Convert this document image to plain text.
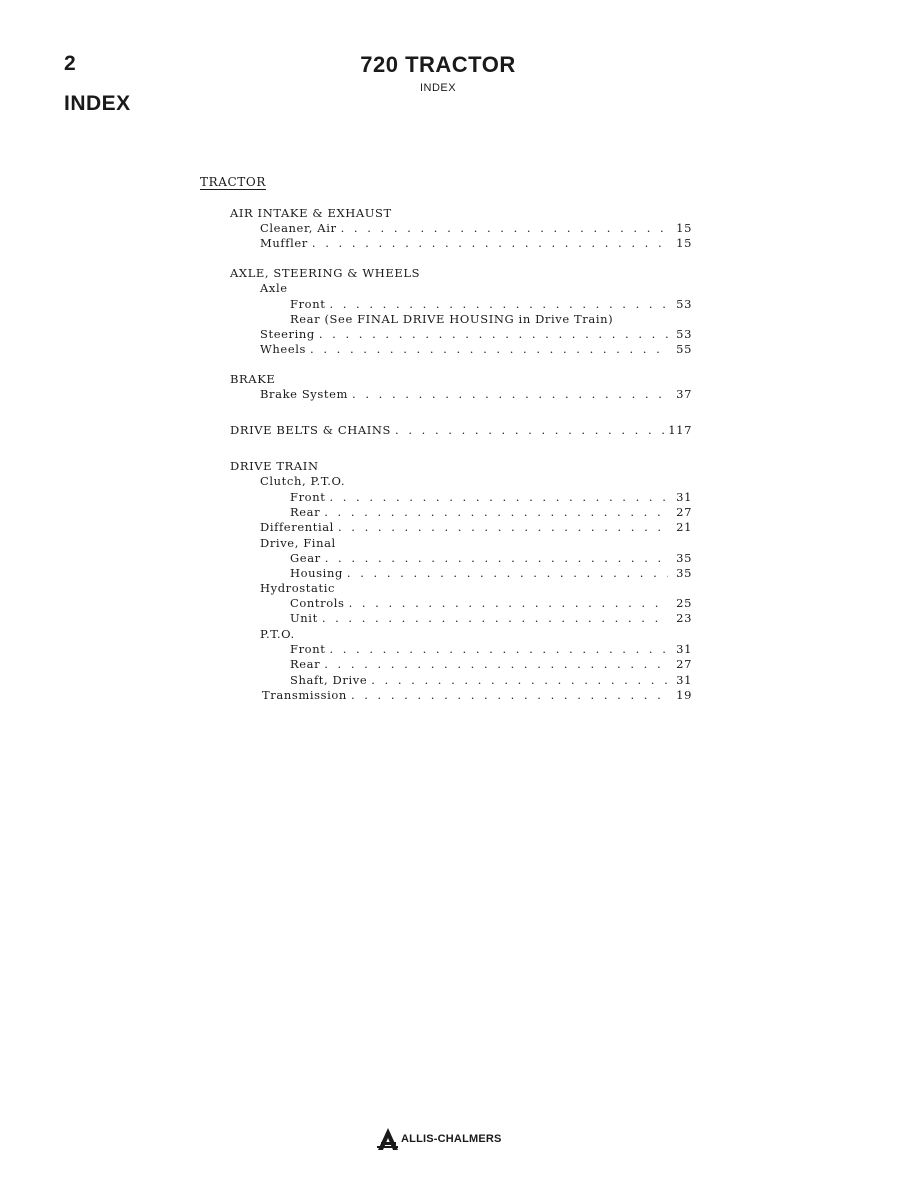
2
INDEX
720 TRACTOR
INDEX
TRACTOR
AIR INTAKE & EXHAUST
Cleaner, Air . . .	15
Muffler . . .	15
AXLE, STEERING & WHEELS
Axle
Front . . .	53
Rear (See FINAL DRIVE HOUSING in Drive Train)
Steering . . .	53
Wheels . . .	55
BRAKE
Brake System . . .	37
DRIVE BELTS & CHAINS . . .	117
DRIVE TRAIN
Clutch, P.T.O.
Front . . .	31
Rear . . .	27
Differential . . .	21
Drive, Final
Gear . . .	35
Housing . . .	35
Hydrostatic
Controls . . .	25
Unit . . .	23
P.T.O.
Front . . .	31
Rear . . .	27
Shaft, Drive . . .	31
Transmission . . .	19
ALLIS-CHALMERS
